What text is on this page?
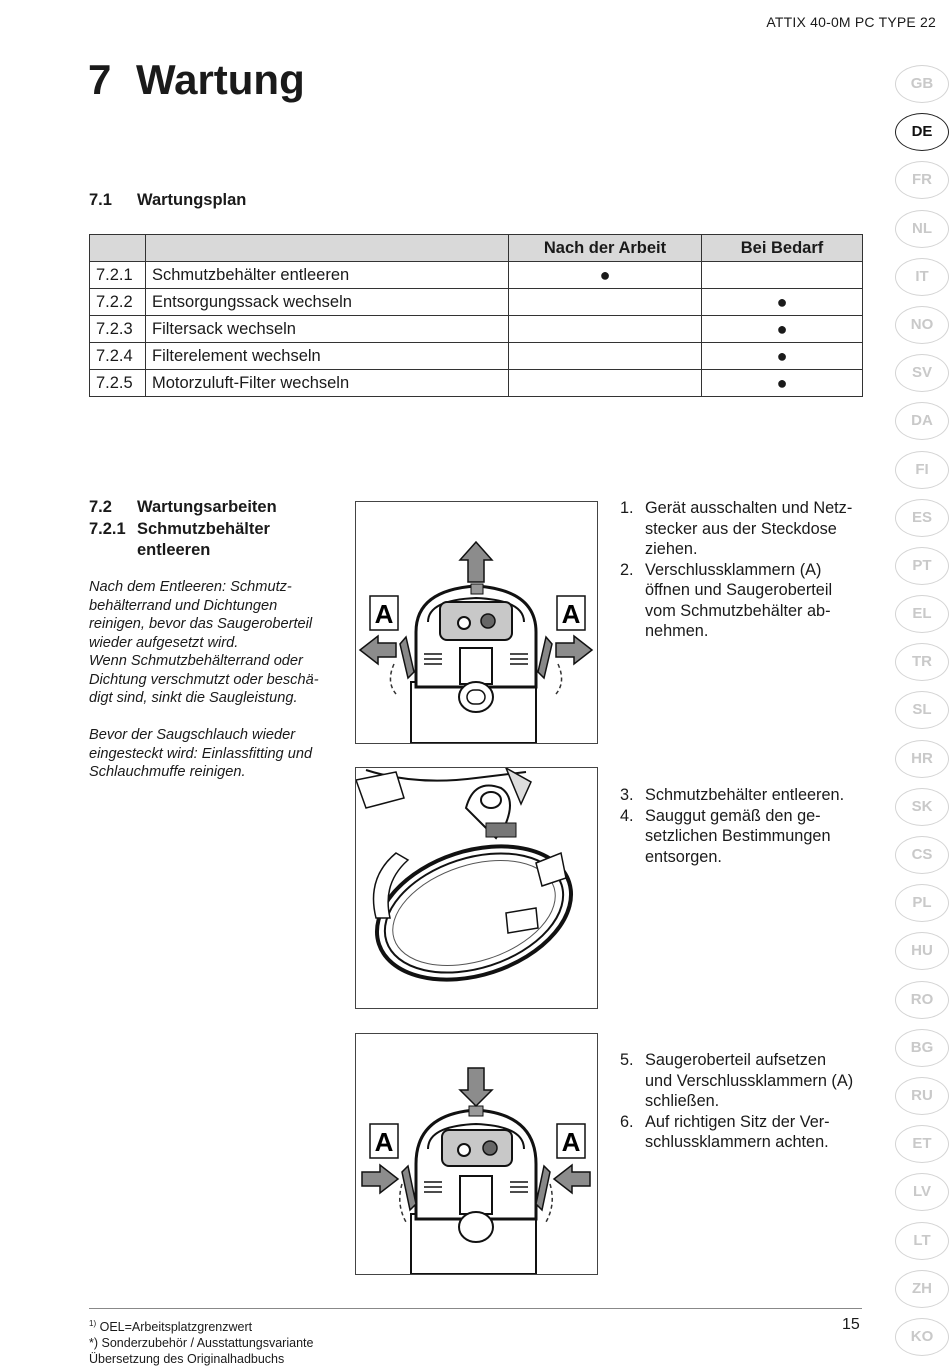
ATTIX 40-0M PC TYPE 22
7 Wartung
7.1 Wartungsplan
		Nach der Arbeit	Bei Bedarf
7.2.1	Schmutzbehälter entleeren	●	
7.2.2	Entsorgungssack wechseln		●
7.2.3	Filtersack wechseln		●
7.2.4	Filterelement wechseln		●
7.2.5	Motorzuluft-Filter wechseln		●
7.2 Wartungsarbeiten
7.2.1 Schmutzbehälter
entleeren

Nach dem Entleeren: Schmutz-

behälterrand und Dichtungen

reinigen, bevor das Saugeroberteil

wieder aufgesetzt wird.

Wenn Schmutzbehälterrand oder

Dichtung verschmutzt oder beschä-

digt sind, sinkt die Saugleistung.

Bevor der Saugschlauch wieder

eingesteckt wird: Einlassfitting und

Schlauchmuffe reinigen.

A	A
A	A
1. Gerät ausschalten und Netz-
stecker aus der Steckdose
ziehen.
2. Verschlussklammern (A)
öffnen und Saugeroberteil
vom Schmutzbehälter ab-
nehmen.
3. Schmutzbehälter entleeren.
4. Sauggut gemäß den ge-
setzlichen Bestimmungen
entsorgen.
5. Saugeroberteil aufsetzen
und Verschlussklammern (A)
schließen.
6. Auf richtigen Sitz der Ver-
schlussklammern achten.
GB
DE
FR
NL
IT
NO
SV
DA
FI
ES
PT
EL
TR
SL
HR
SK
CS
PL
HU
RO
BG
RU
ET
LV
LT
ZH
KO
$^{1)}$ OEL=Arbeitsplatzgrenzwert
*) Sonderzubehör / Ausstattungsvariante
Übersetzung des Originalhadbuchs
15
